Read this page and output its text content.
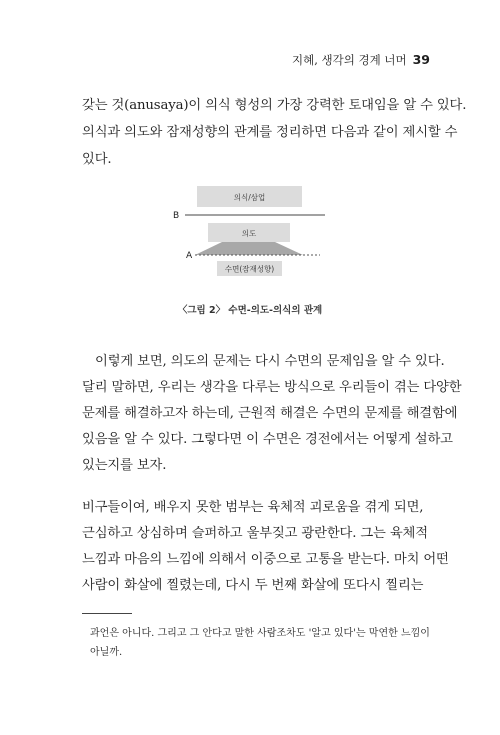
지혜, 생각의 경계 너머 39
갖는 것(anusaya)이 의식 형성의 가장 강력한 토대임을 알 수 있다.
의식과 의도와 잠재성향의 관계를 정리하면 다음과 같이 제시할 수
있다.
의식/삼업
B
의도
A
수면(잠재성향)
〈그림 2〉 수면-의도-의식의 관계
이렇게 보면, 의도의 문제는 다시 수면의 문제임을 알 수 있다.
달리 말하면, 우리는 생각을 다루는 방식으로 우리들이 겪는 다양한
문제를 해결하고자 하는데, 근원적 해결은 수면의 문제를 해결함에
있음을 알 수 있다. 그렇다면 이 수면은 경전에서는 어떻게 설하고
있는지를 보자.
비구들이여, 배우지 못한 범부는 육체적 괴로움을 겪게 되면,
근심하고 상심하며 슬퍼하고 울부짖고 광란한다. 그는 육체적
느낌과 마음의 느낌에 의해서 이중으로 고통을 받는다. 마치 어떤
사람이 화살에 찔렸는데, 다시 두 번째 화살에 또다시 찔리는
과언은 아니다. 그리고 그 안다고 말한 사람조차도 '알고 있다'는 막연한 느낌이
아닐까.
